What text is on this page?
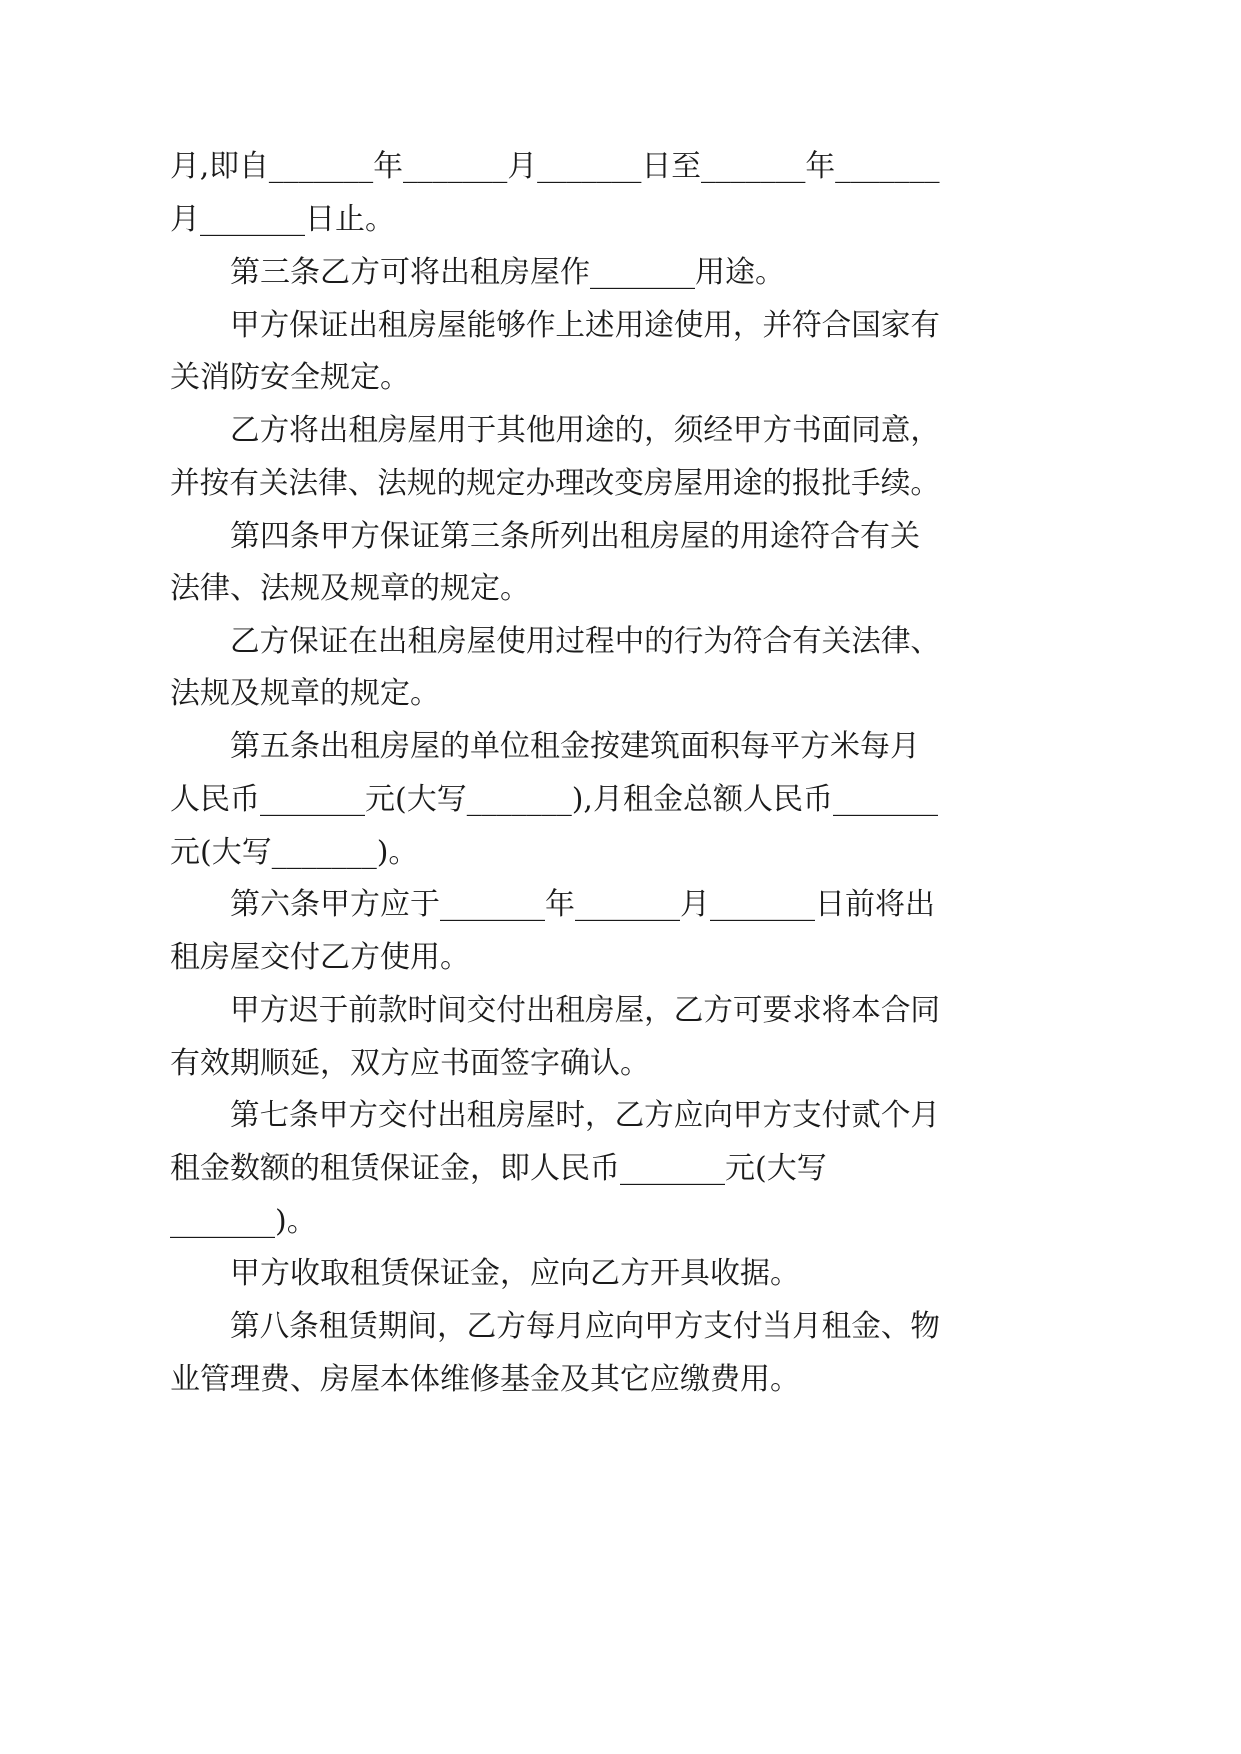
月,即自_______年_______月_______日至_______年_______

月_______日止。

第三条乙方可将出租房屋作_______用途。

甲方保证出租房屋能够作上述用途使用，并符合国家有

关消防安全规定。

乙方将出租房屋用于其他用途的，须经甲方书面同意，

并按有关法律、法规的规定办理改变房屋用途的报批手续。

第四条甲方保证第三条所列出租房屋的用途符合有关

法律、法规及规章的规定。

乙方保证在出租房屋使用过程中的行为符合有关法律、

法规及规章的规定。

第五条出租房屋的单位租金按建筑面积每平方米每月

人民币_______元(大写_______),月租金总额人民币_______

元(大写_______)。

第六条甲方应于_______年_______月_______日前将出

租房屋交付乙方使用。

甲方迟于前款时间交付出租房屋，乙方可要求将本合同

有效期顺延，双方应书面签字确认。

第七条甲方交付出租房屋时，乙方应向甲方支付贰个月

租金数额的租赁保证金，即人民币_______元(大写

_______)。

甲方收取租赁保证金，应向乙方开具收据。

第八条租赁期间，乙方每月应向甲方支付当月租金、物

业管理费、房屋本体维修基金及其它应缴费用。
